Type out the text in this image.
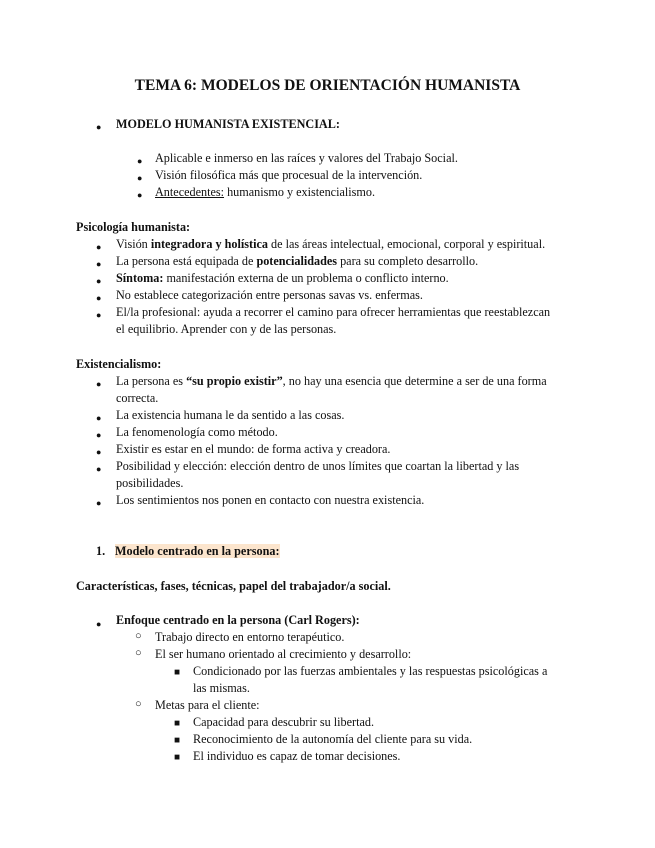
TEMA 6: MODELOS DE ORIENTACIÓN HUMANISTA
● MODELO HUMANISTA EXISTENCIAL:
● Aplicable e inmerso en las raíces y valores del Trabajo Social.
● Visión filosófica más que procesual de la intervención.
● Antecedentes: humanismo y existencialismo.
Psicología humanista:
● Visión integradora y holística de las áreas intelectual, emocional, corporal y espiritual.
● La persona está equipada de potencialidades para su completo desarrollo.
● Síntoma: manifestación externa de un problema o conflicto interno.
● No establece categorización entre personas savas vs. enfermas.
● El/la profesional: ayuda a recorrer el camino para ofrecer herramientas que reestablezcan
el equilibrio. Aprender con y de las personas.
Existencialismo:
● La persona es “su propio existir”, no hay una esencia que determine a ser de una forma
correcta.
● La existencia humana le da sentido a las cosas.
● La fenomenología como método.
● Existir es estar en el mundo: de forma activa y creadora.
● Posibilidad y elección: elección dentro de unos límites que coartan la libertad y las
posibilidades.
● Los sentimientos nos ponen en contacto con nuestra existencia.
1. Modelo centrado en la persona:
Características, fases, técnicas, papel del trabajador/a social.
● Enfoque centrado en la persona (Carl Rogers):
○ Trabajo directo en entorno terapéutico.
○ El ser humano orientado al crecimiento y desarrollo:
■ Condicionado por las fuerzas ambientales y las respuestas psicológicas a
las mismas.
○ Metas para el cliente:
■ Capacidad para descubrir su libertad.
■ Reconocimiento de la autonomía del cliente para su vida.
■ El individuo es capaz de tomar decisiones.
